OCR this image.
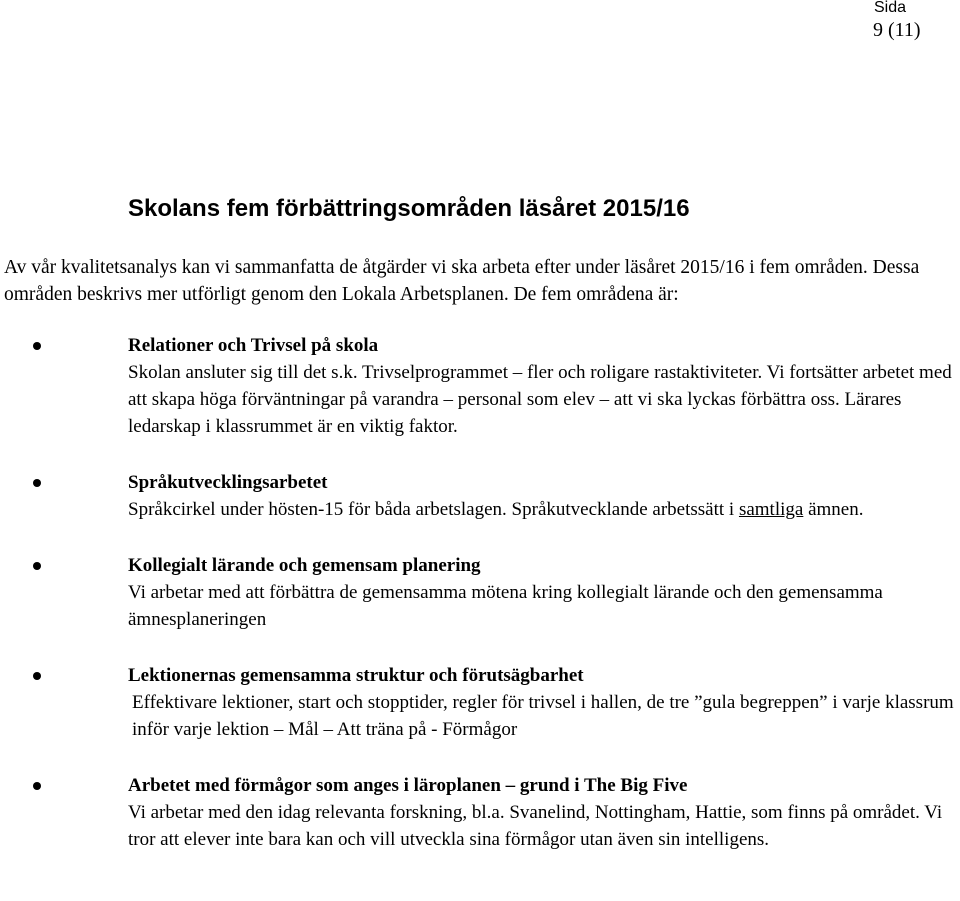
Sida
9 (11)
Skolans fem förbättringsområden läsåret 2015/16

Av vår kvalitetsanalys kan vi sammanfatta de åtgärder vi ska arbeta efter under läsåret 2015/16 i fem områden. Dessa områden beskrivs mer utförligt genom den Lokala Arbetsplanen. De fem områdena är:

Relationer och Trivsel på skola
Skolan ansluter sig till det s.k. Trivselprogrammet – fler och roligare rastaktiviteter. Vi fortsätter arbetet med att skapa höga förväntningar på varandra – personal som elev – att vi ska lyckas förbättra oss. Lärares ledarskap i klassrummet är en viktig faktor.
Språkutvecklingsarbetet
Språkcirkel under hösten-15 för båda arbetslagen. Språkutvecklande arbetssätt i samtliga ämnen.
Kollegialt lärande och gemensam planering
Vi arbetar med att förbättra de gemensamma mötena kring kollegialt lärande och den gemensamma ämnesplaneringen
Lektionernas gemensamma struktur och förutsägbarhet
Effektivare lektioner, start och stopptider, regler för trivsel i hallen, de tre ”gula begreppen” i varje klassrum inför varje lektion – Mål – Att träna på - Förmågor
Arbetet med förmågor som anges i läroplanen – grund i The Big Five
Vi arbetar med den idag relevanta forskning, bl.a. Svanelind, Nottingham, Hattie, som finns på området. Vi tror att elever inte bara kan och vill utveckla sina förmågor utan även sin intelligens.
